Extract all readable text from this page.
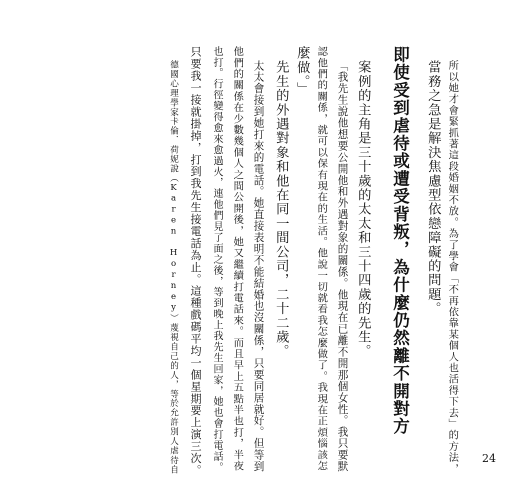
所以她才會緊抓著這段婚姻不放。為了學會「不再依靠某個人也活得下去」的方法，
當務之急是解決焦慮型依戀障礙的問題。
即使受到虐待或遭受背叛，為什麼仍然離不開對方
案例的主角是三十歲的太太和三十四歲的先生。
「我先生說他想要公開他和外遇對象的關係。他現在已離不開那個女性。我只要默
認他們的關係，就可以保有現在的生活。他說一切就看我怎麼做了。我現在正煩惱該怎
麼做。」
先生的外遇對象和他在同一間公司，二十二歲。
太太會接到她打來的電話。她直接表明不能結婚也沒關係，只要同居就好。但等到
他們的關係在少數幾個人之間公開後，她又繼續打電話來。而且早上五點半也打，半夜
也打。行徑變得愈來愈過火，連他們見了面之後，等到晚上我先生回家，她也會打電話。
只要我一接就掛掉，打到我先生接電話為止。這種戲碼平均一個星期要上演三次。
德國心理學家卡倫．荷妮說（Karen Horney）蔑視自己的人，等於允許別人虐待自	24
